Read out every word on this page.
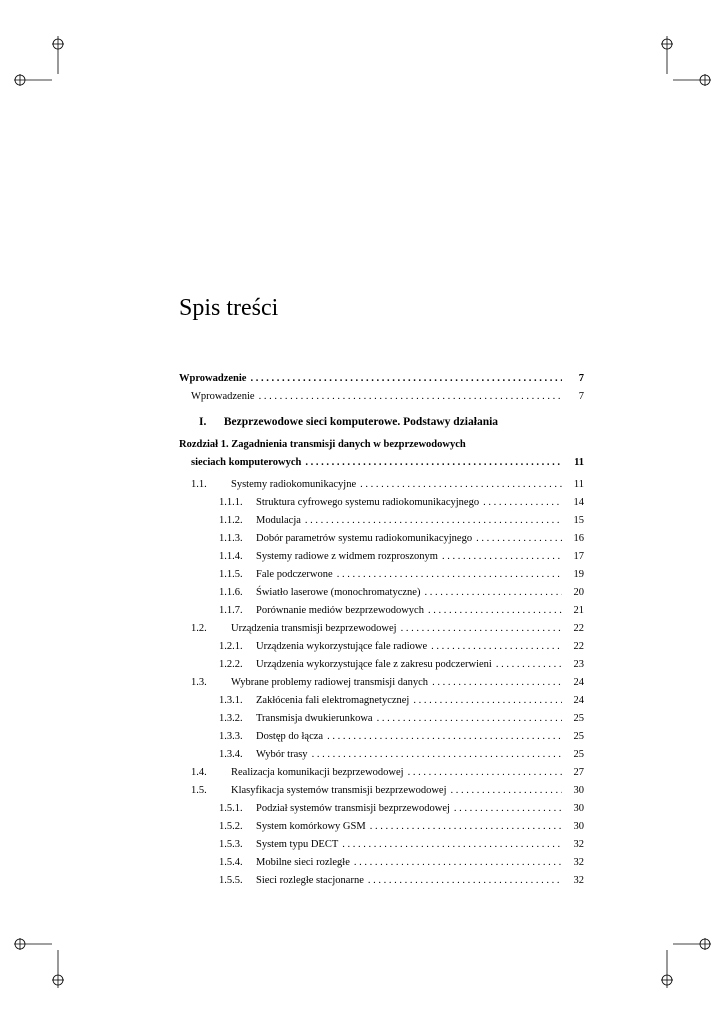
Spis treści
Wprowadzenie . . .	7
Wprowadzenie . . .	7
I. Bezprzewodowe sieci komputerowe. Podstawy działania
Rozdział 1. Zagadnienia transmisji danych w bezprzewodowych
sieciach komputerowych . . .	11
1.1.	Systemy radiokomunikacyjne . . .	11
1.1.1.	Struktura cyfrowego systemu radiokomunikacyjnego . . .	14
1.1.2.	Modulacja . . .	15
1.1.3.	Dobór parametrów systemu radiokomunikacyjnego . . .	16
1.1.4.	Systemy radiowe z widmem rozproszonym . . .	17
1.1.5.	Fale podczerwone . . .	19
1.1.6.	Światło laserowe (monochromatyczne) . . .	20
1.1.7.	Porównanie mediów bezprzewodowych . . .	21
1.2.	Urządzenia transmisji bezprzewodowej . . .	22
1.2.1.	Urządzenia wykorzystujące fale radiowe . . .	22
1.2.2.	Urządzenia wykorzystujące fale z zakresu podczerwieni . . .	23
1.3.	Wybrane problemy radiowej transmisji danych . . .	24
1.3.1.	Zakłócenia fali elektromagnetycznej . . .	24
1.3.2.	Transmisja dwukierunkowa . . .	25
1.3.3.	Dostęp do łącza . . .	25
1.3.4.	Wybór trasy . . .	25
1.4.	Realizacja komunikacji bezprzewodowej . . .	27
1.5.	Klasyfikacja systemów transmisji bezprzewodowej . . .	30
1.5.1.	Podział systemów transmisji bezprzewodowej . . .	30
1.5.2.	System komórkowy GSM . . .	30
1.5.3.	System typu DECT . . .	32
1.5.4.	Mobilne sieci rozległe . . .	32
1.5.5.	Sieci rozległe stacjonarne . . .	32
